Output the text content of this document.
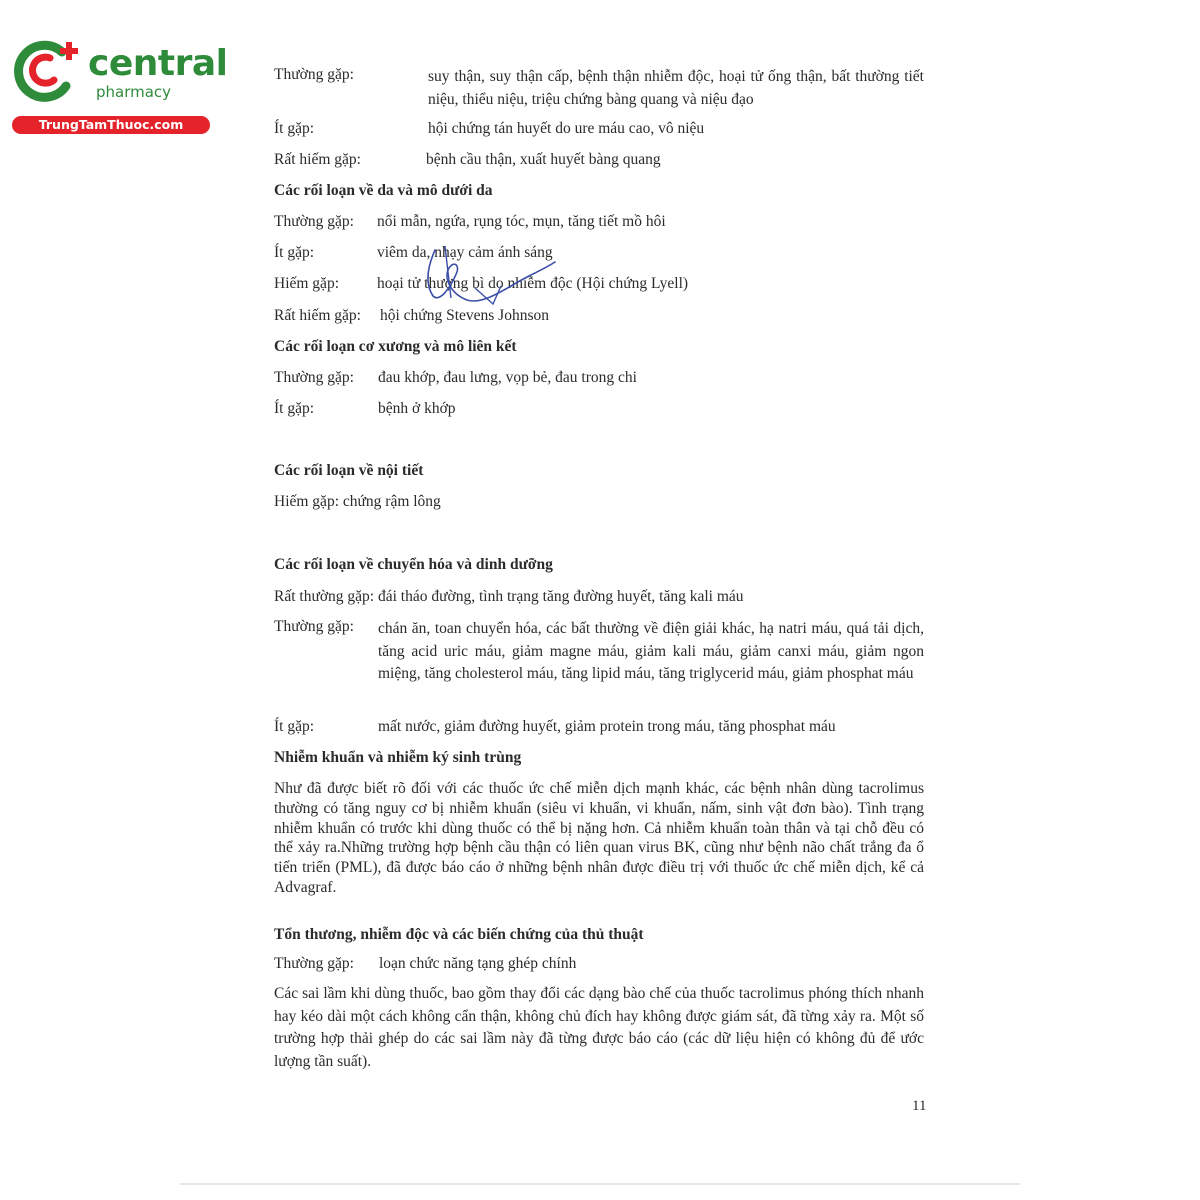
central
pharmacy
TrungTamThuoc.com
Thường gặp:	suy thận, suy thận cấp, bệnh thận nhiễm độc, hoại tử ống thận, bất thường tiết niệu, thiểu niệu, triệu chứng bàng quang và niệu đạo
Ít gặp:	hội chứng tán huyết do ure máu cao, vô niệu
Rất hiếm gặp:	bệnh cầu thận, xuất huyết bàng quang
Các rối loạn về da và mô dưới da
Thường gặp: nổi mẫn, ngứa, rụng tóc, mụn, tăng tiết mồ hôi
Ít gặp:	viêm da, nhạy cảm ánh sáng
Hiếm gặp: hoại tử thượng bì do nhiễm độc (Hội chứng Lyell)
Rất hiếm gặp: hội chứng Stevens Johnson
Các rối loạn cơ xương và mô liên kết
Thường gặp: đau khớp, đau lưng, vọp bẻ, đau trong chi
Ít gặp:	bệnh ở khớp
Các rối loạn về nội tiết
Hiếm gặp: chứng rậm lông
Các rối loạn về chuyển hóa và dinh dưỡng
Rất thường gặp: đái tháo đường, tình trạng tăng đường huyết, tăng kali máu
Thường gặp: chán ăn, toan chuyển hóa, các bất thường về điện giải khác, hạ natri máu, quá tải dịch, tăng acid uric máu, giảm magne máu, giảm kali máu, giảm canxi máu, giảm ngon miệng, tăng cholesterol máu, tăng lipid máu, tăng triglycerid máu, giảm phosphat máu
Ít gặp:	mất nước, giảm đường huyết, giảm protein trong máu, tăng phosphat máu
Nhiễm khuẩn và nhiễm ký sinh trùng
Như đã được biết rõ đối với các thuốc ức chế miễn dịch mạnh khác, các bệnh nhân dùng tacrolimus thường có tăng nguy cơ bị nhiễm khuẩn (siêu vi khuẩn, vi khuẩn, nấm, sinh vật đơn bào). Tình trạng nhiễm khuẩn có trước khi dùng thuốc có thể bị nặng hơn. Cả nhiễm khuẩn toàn thân và tại chỗ đều có thể xảy ra.Những trường hợp bệnh cầu thận có liên quan virus BK, cũng như bệnh não chất trắng đa ổ tiến triển (PML), đã được báo cáo ở những bệnh nhân được điều trị với thuốc ức chế miễn dịch, kể cả Advagraf.
Tổn thương, nhiễm độc và các biến chứng của thủ thuật
Thường gặp: loạn chức năng tạng ghép chính
Các sai lầm khi dùng thuốc, bao gồm thay đổi các dạng bào chế của thuốc tacrolimus phóng thích nhanh hay kéo dài một cách không cẩn thận, không chủ đích hay không được giám sát, đã từng xảy ra. Một số trường hợp thải ghép do các sai lầm này đã từng được báo cáo (các dữ liệu hiện có không đủ để ước lượng tần suất).
11
